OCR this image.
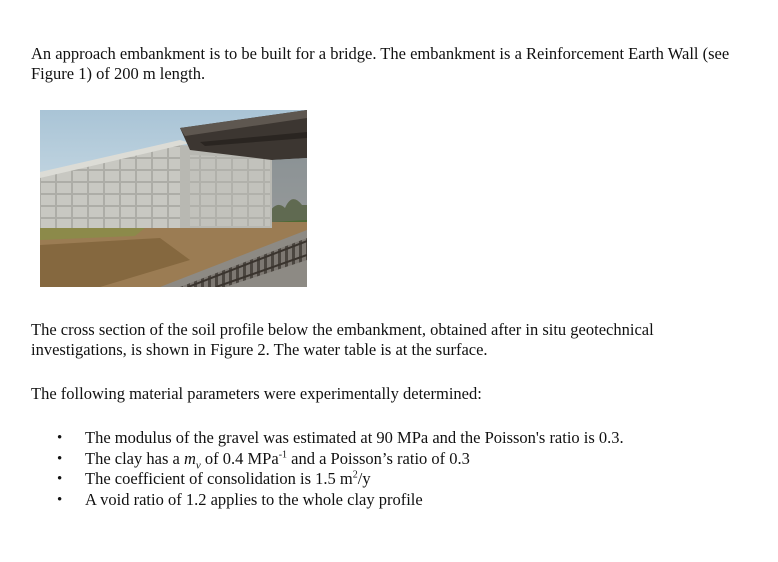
An approach embankment is to be built for a bridge. The embankment is a Reinforcement Earth Wall (see Figure 1) of 200 m length.

The cross section of the soil profile below the embankment, obtained after in situ geotechnical investigations, is shown in Figure 2. The water table is at the surface.

The following material parameters were experimentally determined:

• The modulus of the gravel was estimated at 90 MPa and the Poisson's ratio is 0.3.
• The clay has a $m_v$ of 0.4 MPa$^{-1}$ and a Poisson’s ratio of 0.3
• The coefficient of consolidation is 1.5 $m^2/y$
• A void ratio of 1.2 applies to the whole clay profile
